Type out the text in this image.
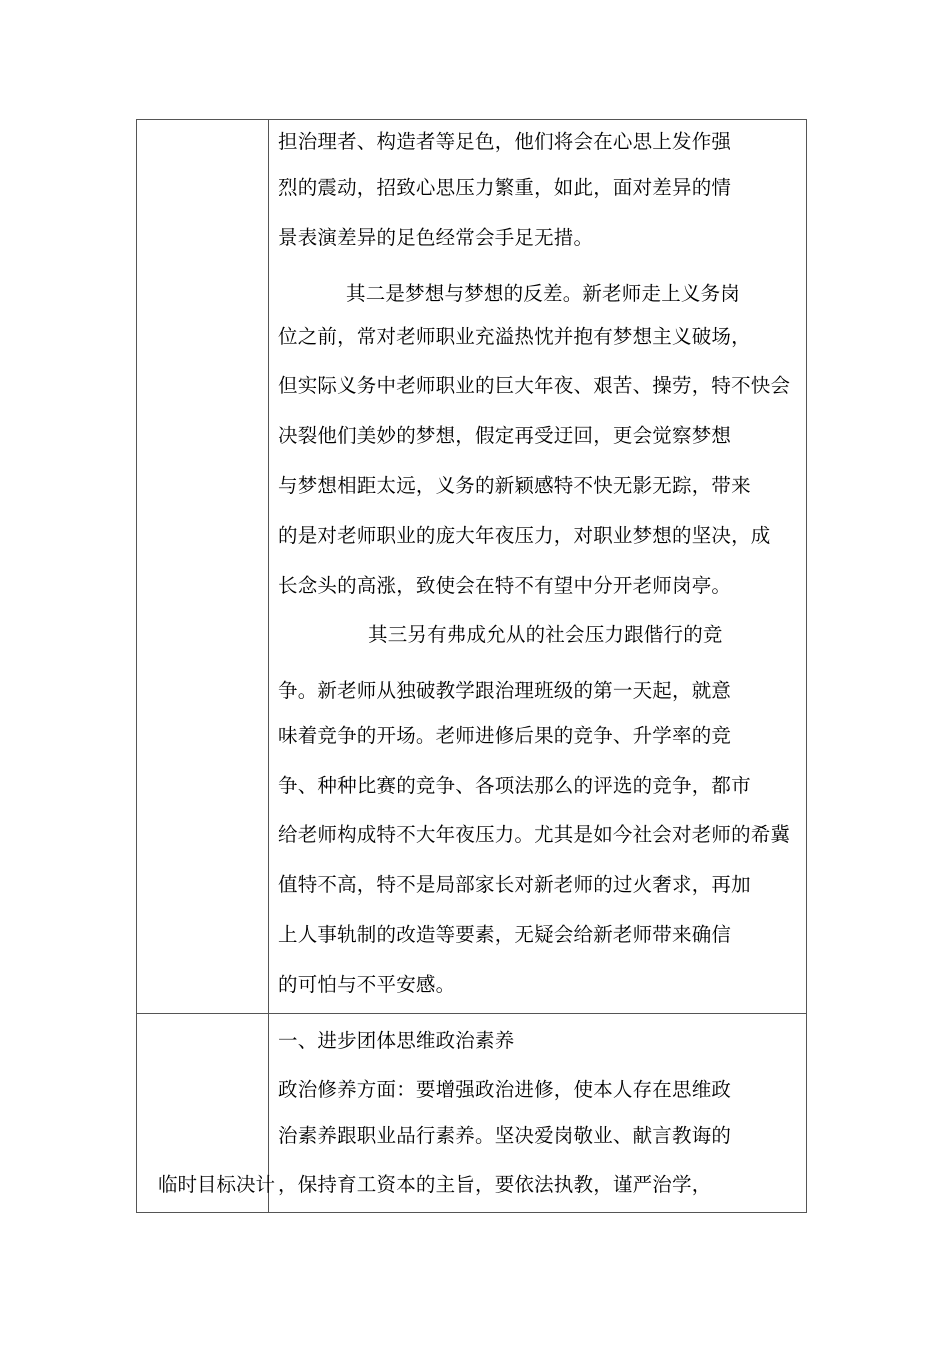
担治理者、构造者等足色，他们将会在心思上发作强
烈的震动，招致心思压力繁重，如此，面对差异的情
景表演差异的足色经常会手足无措。
其二是梦想与梦想的反差。新老师走上义务岗
位之前，常对老师职业充溢热忱并抱有梦想主义破场，
但实际义务中老师职业的巨大年夜、艰苦、操劳，特不快会
决裂他们美妙的梦想，假定再受迂回，更会觉察梦想
与梦想相距太远，义务的新颖感特不快无影无踪，带来
的是对老师职业的庞大年夜压力，对职业梦想的坚决，成
长念头的高涨，致使会在特不有望中分开老师岗亭。
其三另有弗成允从的社会压力跟偕行的竞
争。新老师从独破教学跟治理班级的第一天起，就意
味着竞争的开场。老师进修后果的竞争、升学率的竞
争、种种比赛的竞争、各项法那么的评选的竞争，都市
给老师构成特不大年夜压力。尤其是如今社会对老师的希冀
值特不高，特不是局部家长对新老师的过火奢求，再加
上人事轨制的改造等要素，无疑会给新老师带来确信
的可怕与不平安感。
临时目标决计
一、进步团体思维政治素养
政治修养方面：要增强政治进修，使本人存在思维政
治素养跟职业品行素养。坚决爱岗敬业、献言教诲的
，保持育工资本的主旨，要依法执教，谨严治学，
